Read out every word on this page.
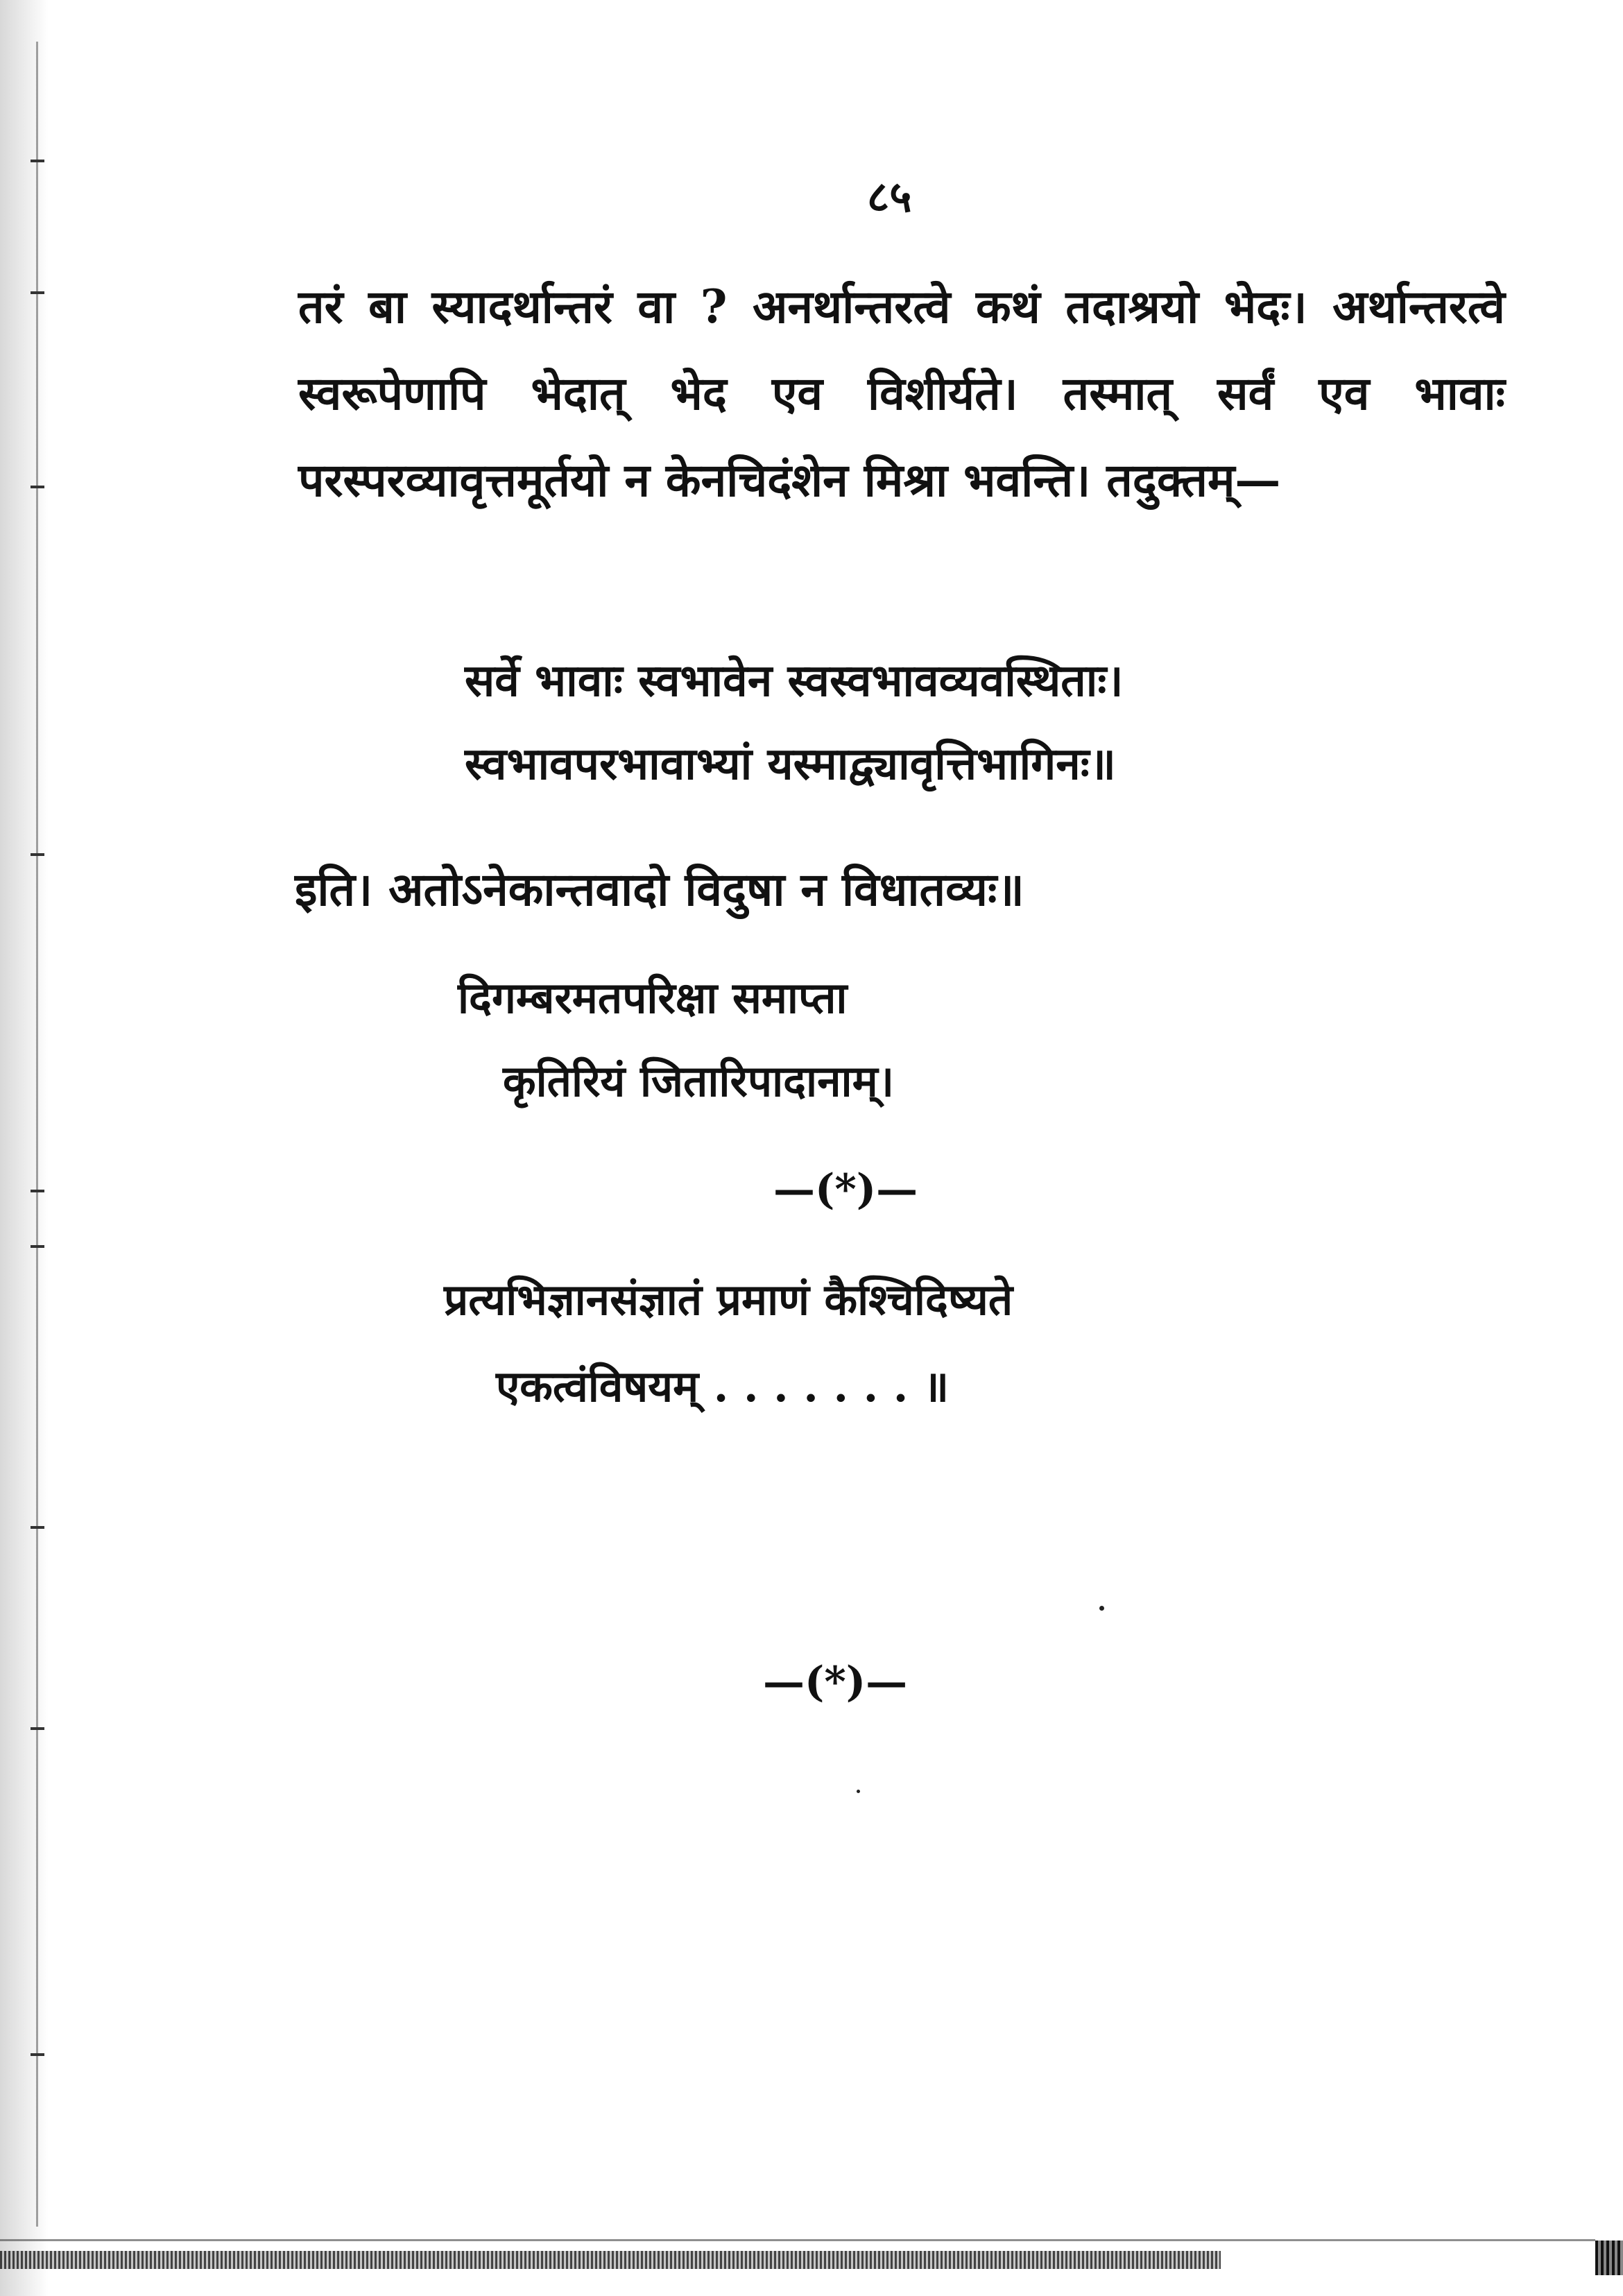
८५
तरं बा स्यादर्थान्तरं वा ? अनर्थान्तरत्वे कथं तदाश्रयो भेदः। अर्थान्तरत्वे स्वरूपेणापि भेदात् भेद एव विशीर्यते। तस्मात् सर्वं एव भावाः परस्परव्यावृत्तमूर्तयो न केनचिदंशेन मिश्रा भवन्ति। तदुक्तम्—
सर्वे भावाः स्वभावेन स्वस्वभावव्यवस्थिताः।
स्वभावपरभावाभ्यां यस्माद्व्यावृत्तिभागिनः॥
इति। अतोऽनेकान्तवादो विदुषा न विधातव्यः॥
दिगम्बरमतपरिक्षा समाप्ता
कृतिरियं जितारिपादानाम्।
—(*)—
प्रत्यभिज्ञानसंज्ञातं प्रमाणं कैश्चिदिष्यते
एकत्वंविषयम् . . . . . . . ॥
—(*)—
